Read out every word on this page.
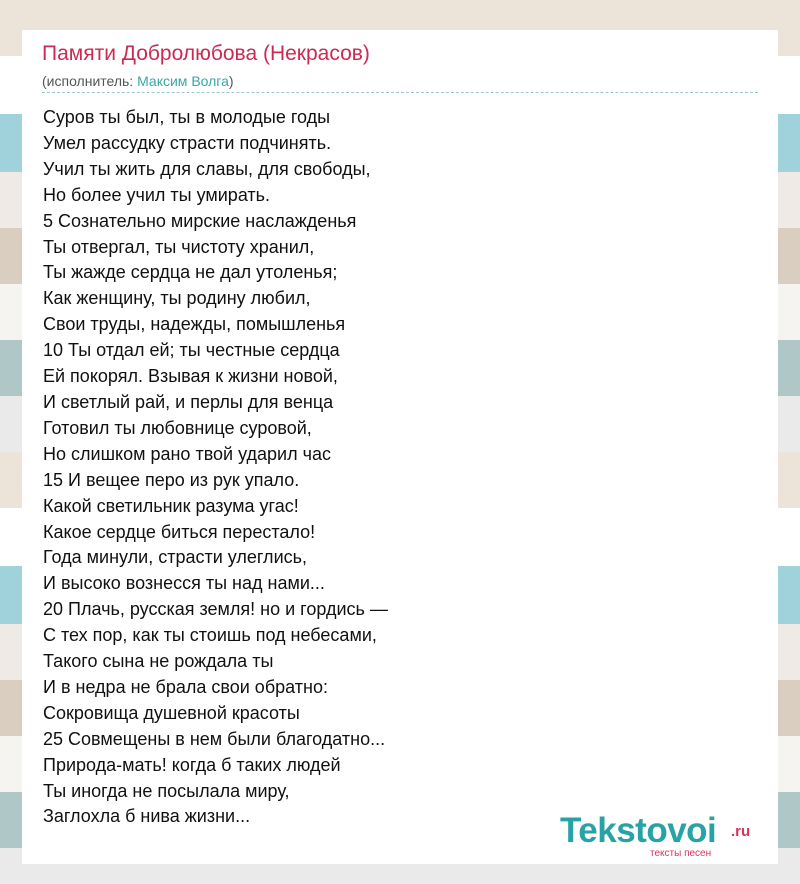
Памяти Добролюбова (Некрасов)
(исполнитель: Максим Волга)
Суров ты был, ты в молодые годы
Умел рассудку страсти подчинять.
Учил ты жить для славы, для свободы,
Но более учил ты умирать.
5 Сознательно мирские наслажденья
Ты отвергал, ты чистоту хранил,
Ты жажде сердца не дал утоленья;
Как женщину, ты родину любил,
Свои труды, надежды, помышленья
10 Ты отдал ей; ты честные сердца
Ей покорял. Взывая к жизни новой,
И светлый рай, и перлы для венца
Готовил ты любовнице суровой,
Но слишком рано твой ударил час
15 И вещее перо из рук упало.
Какой светильник разума угас!
Какое сердце биться перестало!
Года минули, страсти улеглись,
И высоко вознесся ты над нами...
20 Плачь, русская земля! но и гордись —
С тех пор, как ты стоишь под небесами,
Такого сына не рождала ты
И в недра не брала свои обратно:
Сокровища душевной красоты
25 Совмещены в нем были благодатно...
Природа-мать! когда б таких людей
Ты иногда не посылала миру,
Заглохла б нива жизни...	Tekstovoi .ru
тексты песен
